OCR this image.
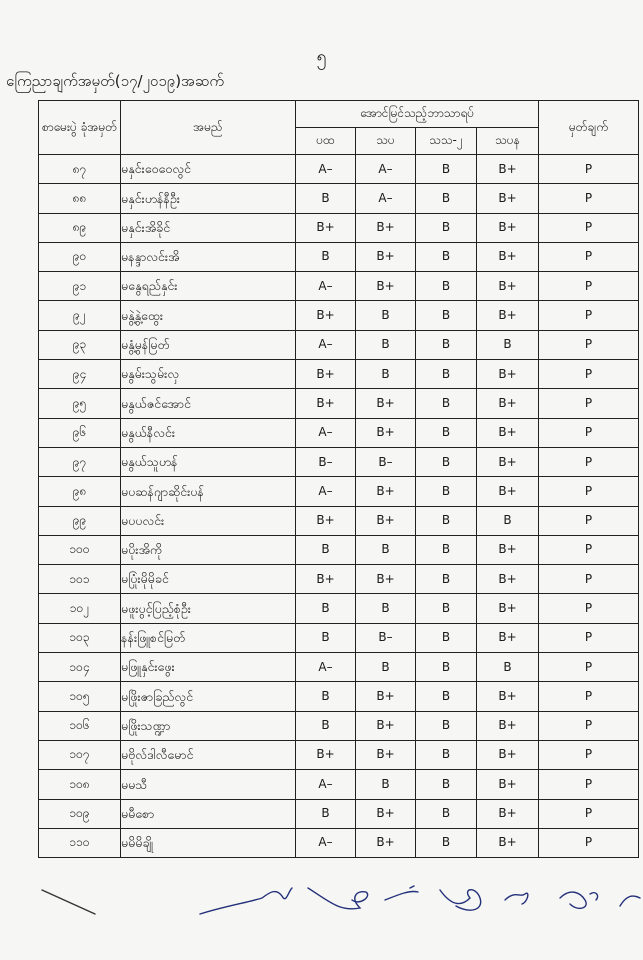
၅
ကြေညာချက်အမှတ်(၁၇/၂၀၁၉)အဆက်
စာမေးပွဲ ခုံအမှတ်	အမည်	အောင်မြင်သည့်ဘာသာရပ်				မှတ်ချက်
		ပထ	သပ	သသ-၂	သပန	
၈၇	မနှင်းဝေဝေလွင်	A–	A–	B	B+	P
၈၈	မနှင်းဟန်နီဦး	B	A–	B	B+	P
၈၉	မနှင်းအိခိုင်	B+	B+	B	B+	P
၉၀	မနန္ဒာလင်းအိ	B	B+	B	B+	P
၉၁	မနွေရည်နှင်း	A–	B+	B	B+	P
၉၂	မနွဲ့နွဲ့ထွေး	B+	B	B	B+	P
၉၃	မနွံ့မွန်မြတ်	A–	B	B	B	P
၉၄	မနွမ်းသွမ်းလှ	B+	B	B	B+	P
၉၅	မနွယ်ဇင်အောင်	B+	B+	B	B+	P
၉၆	မနွယ်နီလင်း	A–	B+	B	B+	P
၉၇	မနွယ်သူဟန်	B–	B–	B	B+	P
၉၈	မပဆန်ဂျာဆိုင်းပန်	A–	B+	B	B+	P
၉၉	မပပလင်း	B+	B+	B	B	P
၁၀၀	မပိုးအိကို	B	B	B	B+	P
၁၀၁	မပြုံးမိုမိုခင်	B+	B+	B	B+	P
၁၀၂	မဖူးပွင့်ပြည့်စုံဦး	B	B	B	B+	P
၁၀၃	နန်းဖြူစင်မြတ်	B	B–	B	B+	P
၁၀၄	မဖြူနှင်းဖွေး	A–	B	B	B	P
၁၀၅	မဖြိုးဇာခြည်လွင်	B	B+	B	B+	P
၁၀၆	မဖြိုးသဏ္ဍာ	B	B+	B	B+	P
၁၀၇	မဗိုလ်ဒါလီမောင်	B+	B+	B	B+	P
၁၀၈	မမသီ	A–	B	B	B+	P
၁၀၉	မမီစော	B	B+	B	B+	P
၁၁၀	မမိမိချို	A–	B+	B	B+	P
